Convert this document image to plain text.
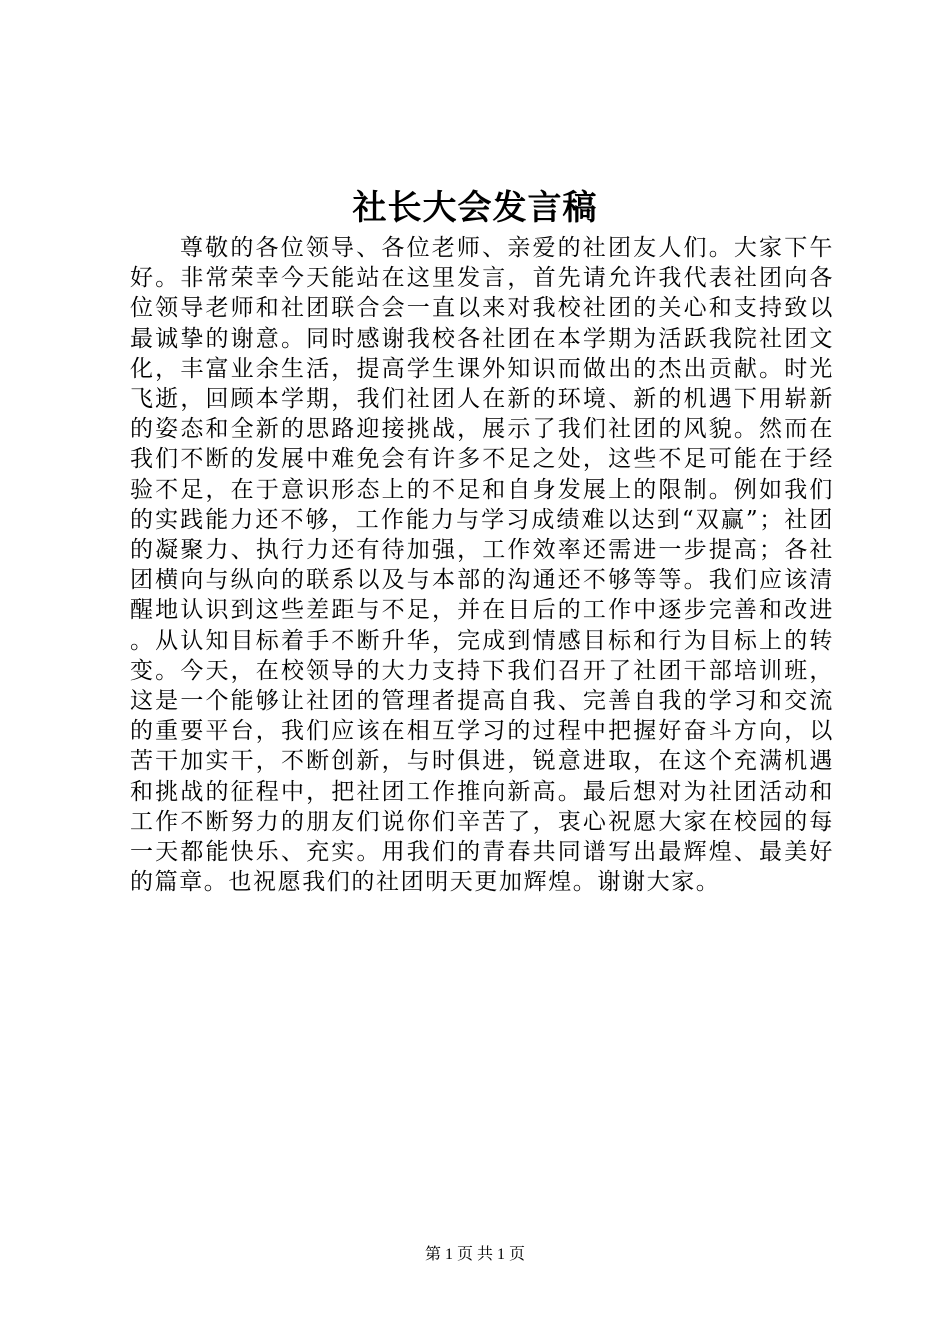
社长大会发言稿

尊敬的各位领导、各位老师、亲爱的社团友人们。大家下午好。非常荣幸今天能站在这里发言，首先请允许我代表社团向各位领导老师和社团联合会一直以来对我校社团的关心和支持致以最诚挚的谢意。同时感谢我校各社团在本学期为活跃我院社团文化，丰富业余生活，提高学生课外知识而做出的杰出贡献。时光飞逝，回顾本学期，我们社团人在新的环境、新的机遇下用崭新的姿态和全新的思路迎接挑战，展示了我们社团的风貌。然而在我们不断的发展中难免会有许多不足之处，这些不足可能在于经验不足，在于意识形态上的不足和自身发展上的限制。例如我们的实践能力还不够，工作能力与学习成绩难以达到“双赢”；社团的凝聚力、执行力还有待加强，工作效率还需进一步提高；各社团横向与纵向的联系以及与本部的沟通还不够等等。我们应该清醒地认识到这些差距与不足，并在日后的工作中逐步完善和改进。从认知目标着手不断升华，完成到情感目标和行为目标上的转变。今天，在校领导的大力支持下我们召开了社团干部培训班，这是一个能够让社团的管理者提高自我、完善自我的学习和交流的重要平台，我们应该在相互学习的过程中把握好奋斗方向，以苦干加实干，不断创新，与时俱进，锐意进取，在这个充满机遇和挑战的征程中，把社团工作推向新高。最后想对为社团活动和工作不断努力的朋友们说你们辛苦了，衷心祝愿大家在校园的每一天都能快乐、充实。用我们的青春共同谱写出最辉煌、最美好的篇章。也祝愿我们的社团明天更加辉煌。谢谢大家。

第 1 页 共 1 页
